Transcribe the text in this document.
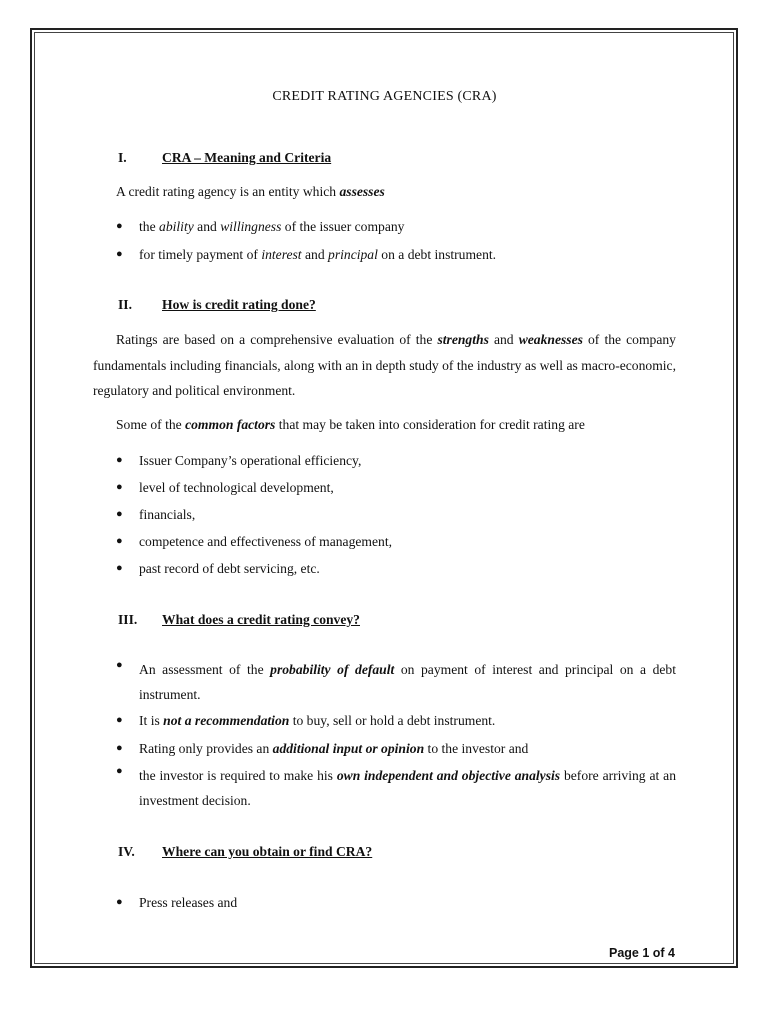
CREDIT RATING AGENCIES (CRA)
I.	CRA – Meaning and Criteria
A credit rating agency is an entity which assesses
● the ability and willingness of the issuer company
● for timely payment of interest and principal on a debt instrument.
II. How is credit rating done?
Ratings are based on a comprehensive evaluation of the strengths and weaknesses of the company fundamentals including financials, along with an in depth study of the industry as well as macro-economic, regulatory and political environment.
Some of the common factors that may be taken into consideration for credit rating are
● Issuer Company’s operational efficiency,
● level of technological development,
● financials,
● competence and effectiveness of management,
● past record of debt servicing, etc.
III. What does a credit rating convey?
● An assessment of the probability of default on payment of interest and principal on a debt instrument.
● It is not a recommendation to buy, sell or hold a debt instrument.
● Rating only provides an additional input or opinion to the investor and
● the investor is required to make his own independent and objective analysis before arriving at an investment decision.
IV. Where can you obtain or find CRA?
● Press releases and
Page 1 of 4
